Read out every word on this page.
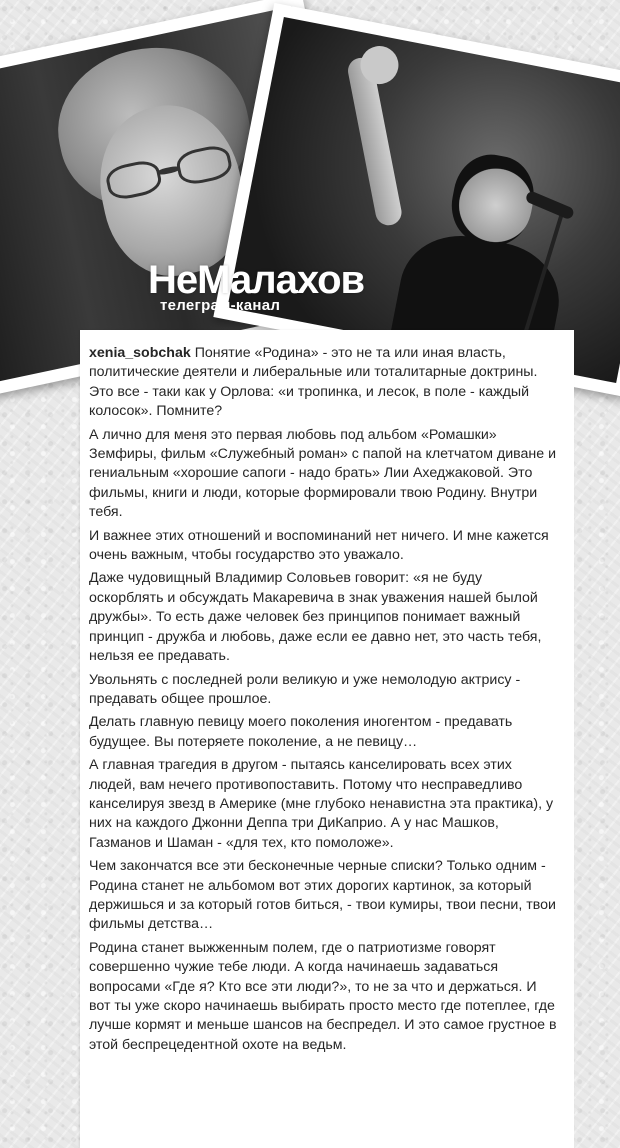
НеМалахов
телеграм-канал

xenia_sobchak Понятие «Родина» - это не та или иная власть, политические деятели и либеральные или тоталитарные доктрины. Это все - таки как у Орлова: «и тропинка, и лесок, в поле - каждый колосок». Помните?

А лично для меня это первая любовь под альбом «Ромашки» Земфиры, фильм «Служебный роман» с папой на клетчатом диване и гениальным «хорошие сапоги - надо брать» Лии Ахеджаковой. Это фильмы, книги и люди, которые формировали твою Родину. Внутри тебя.

И важнее этих отношений и воспоминаний нет ничего. И мне кажется очень важным, чтобы государство это уважало.

Даже чудовищный Владимир Соловьев говорит: «я не буду оскорблять и обсуждать Макаревича в знак уважения нашей былой дружбы». То есть даже человек без принципов понимает важный принцип - дружба и любовь, даже если ее давно нет, это часть тебя, нельзя ее предавать.

Увольнять с последней роли великую и уже немолодую актрису - предавать общее прошлое.

Делать главную певицу моего поколения иногентом - предавать будущее. Вы потеряете поколение, а не певицу…

А главная трагедия в другом - пытаясь канселировать всех этих людей, вам нечего противопоставить. Потому что несправедливо канселируя звезд в Америке (мне глубоко ненавистна эта практика), у них на каждого Джонни Деппа три ДиКаприо. А у нас Машков, Газманов и Шаман - «для тех, кто помоложе».

Чем закончатся все эти бесконечные черные списки? Только одним - Родина станет не альбомом вот этих дорогих картинок, за который держишься и за который готов биться, - твои кумиры, твои песни, твои фильмы детства…

Родина станет выжженным полем, где о патриотизме говорят совершенно чужие тебе люди. А когда начинаешь задаваться вопросами «Где я? Кто все эти люди?», то не за что и держаться. И вот ты уже скоро начинаешь выбирать просто место где потеплее, где лучше кормят и меньше шансов на беспредел. И это самое грустное в этой беспрецедентной охоте на ведьм.
